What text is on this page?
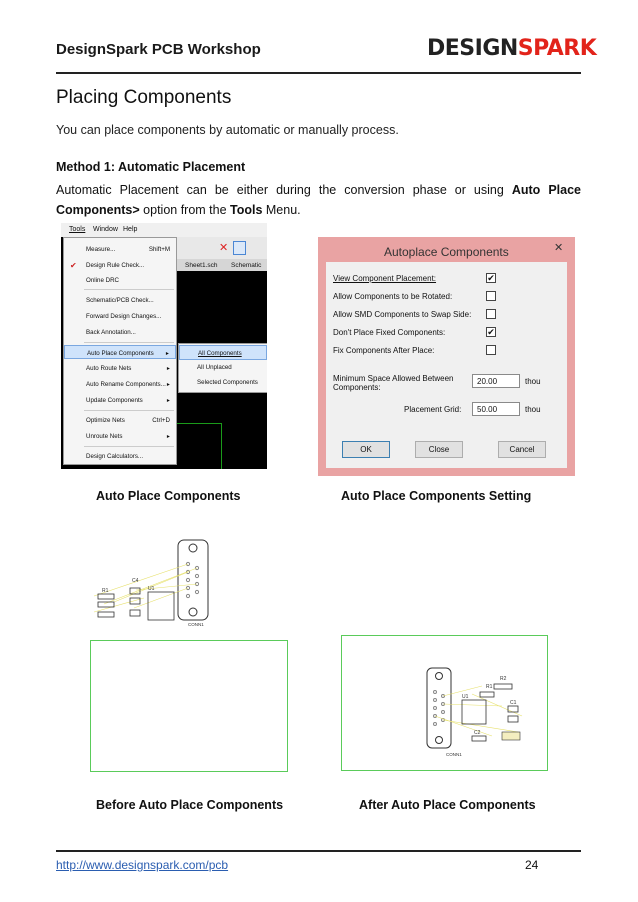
DesignSpark PCB Workshop	DESIGNSPARK
Placing Components
You can place components by automatic or manually process.
Method 1: Automatic Placement
Automatic Placement can be either during the conversion phase or using Auto Place Components> option from the Tools Menu.
Tools Window Help
✕
Sheet1.sch Schematic
Measure...	Shift+M
✔ Design Rule Check...
Online DRC
Schematic/PCB Check...
Forward Design Changes...
Back Annotation...
Auto Place Components ▸
Auto Route Nets	▸
Auto Rename Components... ▸
Update Components	▸
Optimize Nets	Ctrl+D
Unroute Nets	▸
Design Calculators...
All Components
All Unplaced
Selected Components
Autoplace Components	✕
View Component Placement:	✔
Allow Components to be Rotated:
Allow SMD Components to Swap Side:
Don't Place Fixed Components:	✔
Fix Components After Place:
Minimum Space Allowed Between
Components:
20.00	thou
Placement Grid:	50.00	thou
OK	Close	Cancel
Auto Place Components	Auto Place Components Setting
R1
C4
U1
CONN1
R2
R1
U1
C1
C2
CONN1
Before Auto Place Components	After Auto Place Components
http://www.designspark.com/pcb	24
